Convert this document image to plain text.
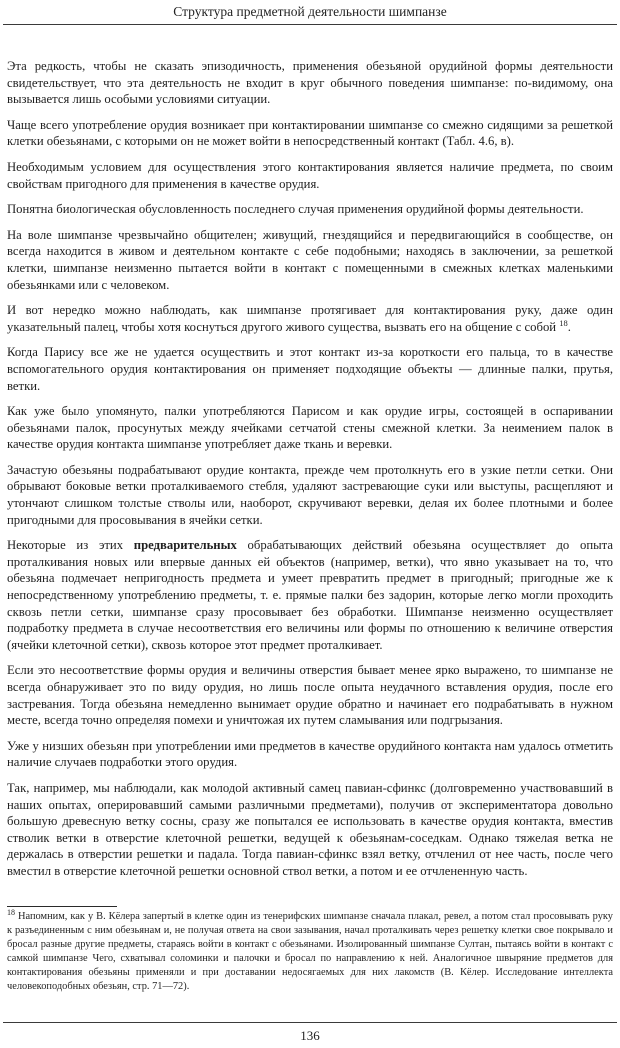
Структура предметной деятельности шимпанзе

Эта редкость, чтобы не сказать эпизодичность, применения обезьяной орудийной формы деятельности свидетельствует, что эта деятельность не входит в круг обычного поведения шимпанзе: по-видимому, она вызывается лишь особыми условиями ситуации.

Чаще всего употребление орудия возникает при контактировании шимпанзе со смежно сидящими за решеткой клетки обезьянами, с которыми он не может войти в непосредственный контакт (Табл. 4.6, в).

Необходимым условием для осуществления этого контактирования является наличие предмета, по своим свойствам пригодного для применения в качестве орудия.

Понятна биологическая обусловленность последнего случая применения орудийной формы деятельности.

На воле шимпанзе чрезвычайно общителен; живущий, гнездящийся и передвигающийся в сообществе, он всегда находится в живом и деятельном контакте с себе подобными; находясь в заключении, за решеткой клетки, шимпанзе неизменно пытается войти в контакт с помещенными в смежных клетках маленькими обезьянками или с человеком.

И вот нередко можно наблюдать, как шимпанзе протягивает для контактирования руку, даже один указательный палец, чтобы хотя коснуться другого живого существа, вызвать его на общение с собой $^{18}$.

Когда Парису все же не удается осуществить и этот контакт из-за короткости его пальца, то в качестве вспомогательного орудия контактирования он применяет подходящие объекты — длинные палки, прутья, ветки.

Как уже было упомянуто, палки употребляются Парисом и как орудие игры, состоящей в оспаривании обезьянами палок, просунутых между ячейками сетчатой стены смежной клетки. За неимением палок в качестве орудия контакта шимпанзе употребляет даже ткань и веревки.

Зачастую обезьяны подрабатывают орудие контакта, прежде чем протолкнуть его в узкие петли сетки. Они обрывают боковые ветки проталкиваемого стебля, удаляют застревающие суки или выступы, расщепляют и утончают слишком толстые стволы или, наоборот, скручивают веревки, делая их более плотными и более пригодными для просовывания в ячейки сетки.

Некоторые из этих предварительных обрабатывающих действий обезьяна осуществляет до опыта проталкивания новых или впервые данных ей объектов (например, ветки), что явно указывает на то, что обезьяна подмечает непригодность предмета и умеет превратить предмет в пригодный; пригодные же к непосредственному употреблению предметы, т. е. прямые палки без задорин, которые легко могли проходить сквозь петли сетки, шимпанзе сразу просовывает без обработки. Шимпанзе неизменно осуществляет подработку предмета в случае несоответствия его величины или формы по отношению к величине отверстия (ячейки клеточной сетки), сквозь которое этот предмет проталкивает.

Если это несоответствие формы орудия и величины отверстия бывает менее ярко выражено, то шимпанзе не всегда обнаруживает это по виду орудия, но лишь после опыта неудачного вставления орудия, после его застревания. Тогда обезьяна немедленно вынимает орудие обратно и начинает его подрабатывать в нужном месте, всегда точно определяя помехи и уничтожая их путем сламывания или подгрызания.

Уже у низших обезьян при употреблении ими предметов в качестве орудийного контакта нам удалось отметить наличие случаев подработки этого орудия.

Так, например, мы наблюдали, как молодой активный самец павиан-сфинкс (долговременно участвовавший в наших опытах, оперировавший самыми различными предметами), получив от экспериментатора довольно большую древесную ветку сосны, сразу же попытался ее использовать в качестве орудия контакта, вместив стволик ветки в отверстие клеточной решетки, ведущей к обезьянам-соседкам. Однако тяжелая ветка не держалась в отверстии решетки и падала. Тогда павиан-сфинкс взял ветку, отчленил от нее часть, после чего вместил в отверстие клеточной решетки основной ствол ветки, а потом и ее отчлененную часть.

$^{18}$ Напомним, как у В. Кёлера запертый в клетке один из тенерифских шимпанзе сначала плакал, ревел, а потом стал просовывать руку к разъединенным с ним обезьянам и, не получая ответа на свои зазывания, начал проталкивать через решетку клетки свое покрывало и бросал разные другие предметы, стараясь войти в контакт с обезьянами. Изолированный шимпанзе Султан, пытаясь войти в контакт с самкой шимпанзе Чего, схватывал соломинки и палочки и бросал по направлению к ней. Аналогичное швыряние предметов для контактирования обезьяны применяли и при доставании недосягаемых для них лакомств (В. Кёлер. Исследование интеллекта человекоподобных обезьян, стр. 71—72).
136
